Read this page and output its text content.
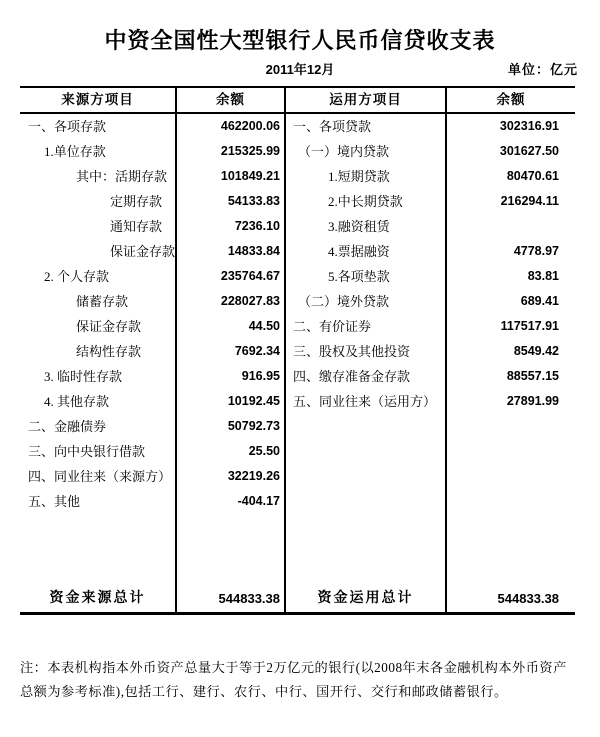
中资全国性大型银行人民币信贷收支表
2011年12月	单位：亿元
来源方项目	余额	运用方项目	余额
一、各项存款	462200.06	一、各项贷款	302316.91
1.单位存款	215325.99	（一）境内贷款	301627.50
其中：活期存款	101849.21	1.短期贷款	80470.61
定期存款	54133.83	2.中长期贷款	216294.11
通知存款	7236.10	3.融资租赁
保证金存款	14833.84	4.票据融资	4778.97
2. 个人存款	235764.67	5.各项垫款	83.81
储蓄存款	228027.83	（二）境外贷款	689.41
保证金存款	44.50	二、有价证券	117517.91
结构性存款	7692.34	三、股权及其他投资	8549.42
3. 临时性存款	916.95	四、缴存准备金存款	88557.15
4. 其他存款	10192.45	五、同业往来（运用方）	27891.99
二、金融债券	50792.73
三、向中央银行借款	25.50
四、同业往来（来源方）	32219.26
五、其他	-404.17
资金来源总计	544833.38	资金运用总计	544833.38
注：本表机构指本外币资产总量大于等于2万亿元的银行(以2008年末各金融机构本外币资产总额为参考标准),包括工行、建行、农行、中行、国开行、交行和邮政储蓄银行。
